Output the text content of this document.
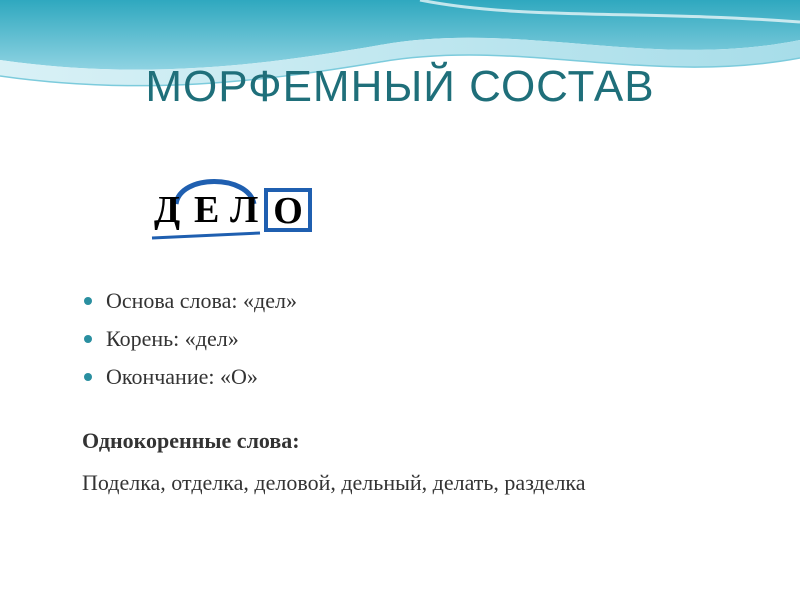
МОРФЕМНЫЙ СОСТАВ
Д Е Л О
Основа слова: «дел»
Корень: «дел»
Окончание: «О»

Однокоренные слова:

Поделка, отделка, деловой, дельный, делать, разделка
